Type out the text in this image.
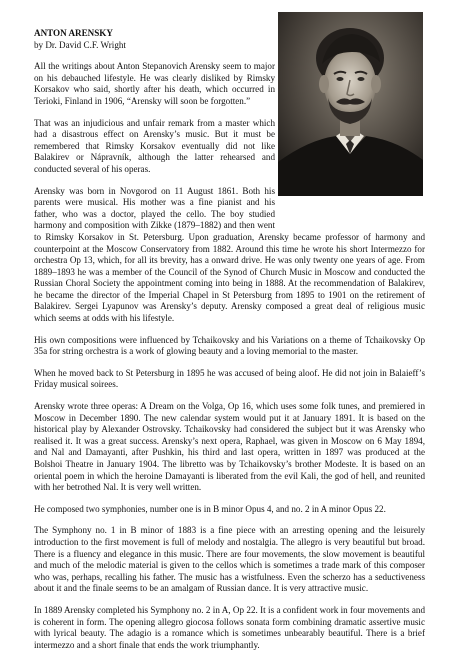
ANTON ARENSKY

by Dr. David C.F. Wright

All the writings about Anton Stepanovich Arensky seem to major on his debauched lifestyle. He was clearly disliked by Rimsky Korsakov who said, shortly after his death, which occurred in Terioki, Finland in 1906, “Arensky will soon be forgotten.”

That was an injudicious and unfair remark from a master which had a disastrous effect on Arensky’s music. But it must be remembered that Rimsky Korsakov eventually did not like Balakirev or Nápravník, although the latter rehearsed and conducted several of his operas.

Arensky was born in Novgorod on 11 August 1861. Both his parents were musical. His mother was a fine pianist and his father, who was a doctor, played the cello. The boy studied harmony and composition with Zikke (1879–1882) and then went to Rimsky Korsakov in St. Petersburg. Upon graduation, Arensky became professor of harmony and counterpoint at the Moscow Conservatory from 1882. Around this time he wrote his short Intermezzo for orchestra Op 13, which, for all its brevity, has a onward drive. He was only twenty one years of age. From 1889–1893 he was a member of the Council of the Synod of Church Music in Moscow and conducted the Russian Choral Society the appointment coming into being in 1888. At the recommendation of Balakirev, he became the director of the Imperial Chapel in St Petersburg from 1895 to 1901 on the retirement of Balakirev. Sergei Lyapunov was Arensky’s deputy. Arensky composed a great deal of religious music which seems at odds with his lifestyle.

His own compositions were influenced by Tchaikovsky and his Variations on a theme of Tchaikovsky Op 35a for string orchestra is a work of glowing beauty and a loving memorial to the master.

When he moved back to St Petersburg in 1895 he was accused of being aloof. He did not join in Balaieff’s Friday musical soirees.

Arensky wrote three operas: A Dream on the Volga, Op 16, which uses some folk tunes, and premiered in Moscow in December 1890. The new calendar system would put it at January 1891. It is based on the historical play by Alexander Ostrovsky. Tchaikovsky had considered the subject but it was Arensky who realised it. It was a great success. Arensky’s next opera, Raphael, was given in Moscow on 6 May 1894, and Nal and Damayanti, after Pushkin, his third and last opera, written in 1897 was produced at the Bolshoi Theatre in January 1904. The libretto was by Tchaikovsky’s brother Modeste. It is based on an oriental poem in which the heroine Damayanti is liberated from the evil Kali, the god of hell, and reunited with her betrothed Nal. It is very well written.

He composed two symphonies, number one is in B minor Opus 4, and no. 2 in A minor Opus 22.

The Symphony no. 1 in B minor of 1883 is a fine piece with an arresting opening and the leisurely introduction to the first movement is full of melody and nostalgia. The allegro is very beautiful but broad. There is a fluency and elegance in this music. There are four movements, the slow movement is beautiful and much of the melodic material is given to the cellos which is sometimes a trade mark of this composer who was, perhaps, recalling his father. The music has a wistfulness. Even the scherzo has a seductiveness about it and the finale seems to be an amalgam of Russian dance. It is very attractive music.

In 1889 Arensky completed his Symphony no. 2 in A, Op 22. It is a confident work in four movements and is coherent in form. The opening allegro giocosa follows sonata form combining dramatic assertive music with lyrical beauty. The adagio is a romance which is sometimes unbearably beautiful. There is a brief intermezzo and a short finale that ends the work triumphantly.
